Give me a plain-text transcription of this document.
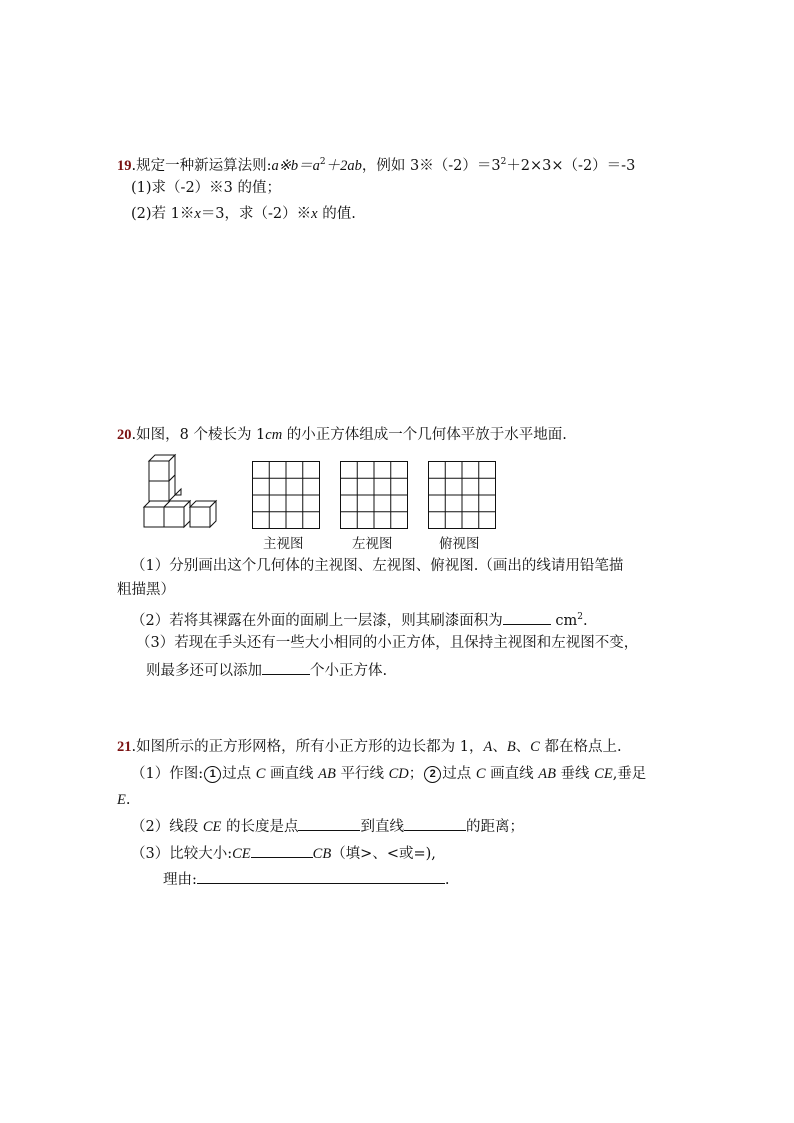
19.规定一种新运算法则$:a※b=a^2+2ab$，例如 $3※(-2)=3^2+2\times 3\times(-2)=-3$
(1)求（-2）※3 的值；
(2)若 1※x＝3，求（-2）※x 的值.
20.如图，8 个棱长为 1cm 的小正方体组成一个几何体平放于水平地面.
主视图	左视图	俯视图
（1）分别画出这个几何体的主视图、左视图、俯视图.（画出的线请用铅笔描
粗描黑）
（2）若将其裸露在外面的面刷上一层漆，则其刷漆面积为	$cm^2$.
（3）若现在手头还有一些大小相同的小正方体，且保持主视图和左视图不变，
则最多还可以添加	个小正方体.
21.如图所示的正方形网格，所有小正方形的边长都为 1，A、B、C 都在格点上.
（1）作图: 1 过点 C 画直线 AB 平行线 CD； 2 过点 C 画直线 AB 垂线 CE,垂足
E.
（2）线段 CE 的长度是点	到直线	的距离；
（3）比较大小:CE	CB（填>、<或=),
理由:	.
